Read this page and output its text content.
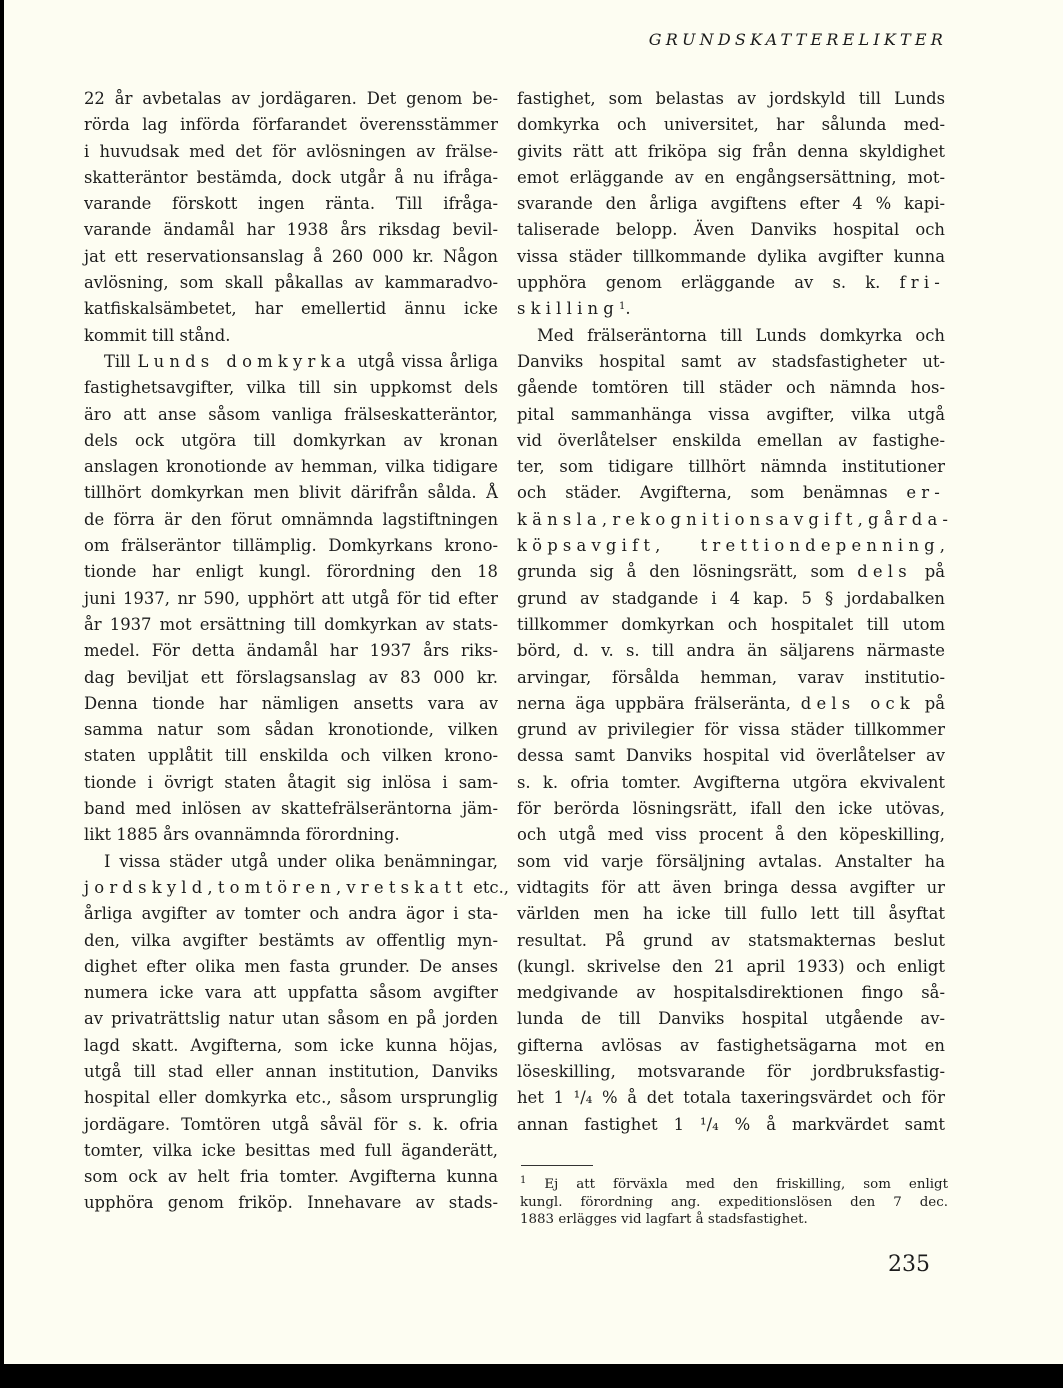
GRUNDSKATTERELIKTER
22 år avbetalas av jordägaren. Det genom be-
rörda lag införda förfarandet överensstämmer
i huvudsak med det för avlösningen av frälse-
skatteräntor bestämda, dock utgår å nu ifråga-
varande förskott ingen ränta. Till ifråga-
varande ändamål har 1938 års riksdag bevil-
jat ett reservationsanslag å 260 000 kr. Någon
avlösning, som skall påkallas av kammaradvo-
katfiskalsämbetet, har emellertid ännu icke
kommit till stånd.
Till Lunds domkyrka utgå vissa årliga
fastighetsavgifter, vilka till sin uppkomst dels
äro att anse såsom vanliga frälseskatteräntor,
dels ock utgöra till domkyrkan av kronan
anslagen kronotionde av hemman, vilka tidigare
tillhört domkyrkan men blivit därifrån sålda. Å
de förra är den förut omnämnda lagstiftningen
om frälseräntor tillämplig. Domkyrkans krono-
tionde har enligt kungl. förordning den 18
juni 1937, nr 590, upphört att utgå för tid efter
år 1937 mot ersättning till domkyrkan av stats-
medel. För detta ändamål har 1937 års riks-
dag beviljat ett förslagsanslag av 83 000 kr.
Denna tionde har nämligen ansetts vara av
samma natur som sådan kronotionde, vilken
staten upplåtit till enskilda och vilken krono-
tionde i övrigt staten åtagit sig inlösa i sam-
band med inlösen av skattefrälseräntorna jäm-
likt 1885 års ovannämnda förordning.
I vissa städer utgå under olika benämningar,
jordskyld, tomtören, vretskatt etc.,
årliga avgifter av tomter och andra ägor i sta-
den, vilka avgifter bestämts av offentlig myn-
dighet efter olika men fasta grunder. De anses
numera icke vara att uppfatta såsom avgifter
av privaträttslig natur utan såsom en på jorden
lagd skatt. Avgifterna, som icke kunna höjas,
utgå till stad eller annan institution, Danviks
hospital eller domkyrka etc., såsom ursprunglig
jordägare. Tomtören utgå såväl för s. k. ofria
tomter, vilka icke besittas med full äganderätt,
som ock av helt fria tomter. Avgifterna kunna
upphöra genom friköp. Innehavare av stads-
fastighet, som belastas av jordskyld till Lunds
domkyrka och universitet, har sålunda med-
givits rätt att friköpa sig från denna skyldighet
emot erläggande av en engångsersättning, mot-
svarande den årliga avgiftens efter 4 % kapi-
taliserade belopp. Även Danviks hospital och
vissa städer tillkommande dylika avgifter kunna
upphöra genom erläggande av s. k. fri-
skilling$^1$.
Med frälseräntorna till Lunds domkyrka och
Danviks hospital samt av stadsfastigheter ut-
gående tomtören till städer och nämnda hos-
pital sammanhänga vissa avgifter, vilka utgå
vid överlåtelser enskilda emellan av fastighe-
ter, som tidigare tillhört nämnda institutioner
och städer. Avgifterna, som benämnas er-
känsla, rekognitionsavgift, gårda-
köpsavgift, trettiondepenning,
grunda sig å den lösningsrätt, som dels på
grund av stadgande i 4 kap. 5 § jordabalken
tillkommer domkyrkan och hospitalet till utom
börd, d. v. s. till andra än säljarens närmaste
arvingar, försålda hemman, varav institutio-
nerna äga uppbära frälseränta, dels ock på
grund av privilegier för vissa städer tillkommer
dessa samt Danviks hospital vid överlåtelser av
s. k. ofria tomter. Avgifterna utgöra ekvivalent
för berörda lösningsrätt, ifall den icke utövas,
och utgå med viss procent å den köpeskilling,
som vid varje försäljning avtalas. Anstalter ha
vidtagits för att även bringa dessa avgifter ur
världen men ha icke till fullo lett till åsyftat
resultat. På grund av statsmakternas beslut
(kungl. skrivelse den 21 april 1933) och enligt
medgivande av hospitalsdirektionen fingo så-
lunda de till Danviks hospital utgående av-
gifterna avlösas av fastighetsägarna mot en
löseskilling, motsvarande för jordbruksfastig-
het 1 ¹/₄ % å det totala taxeringsvärdet och för
annan fastighet 1 ¹/₄ % å markvärdet samt
$^1$ Ej att förväxla med den friskilling, som enligt
kungl. förordning ang. expeditionslösen den 7 dec.
1883 erlägges vid lagfart å stadsfastighet.
235
